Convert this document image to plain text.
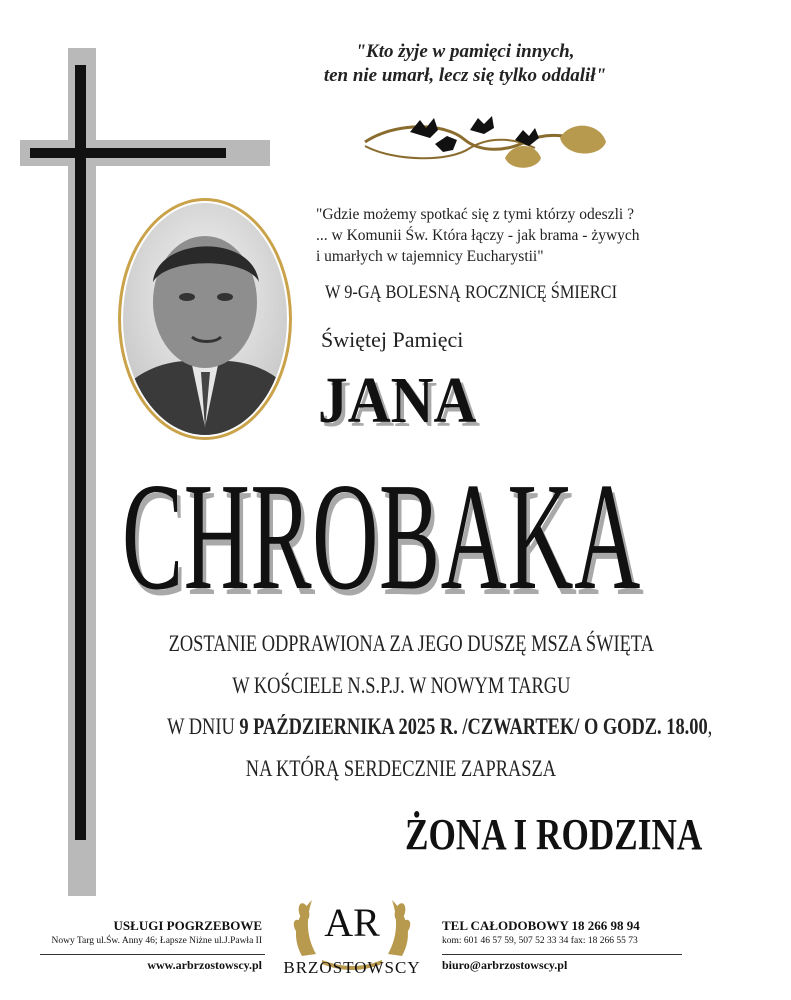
"Kto żyje w pamięci innych,
ten nie umarł, lecz się tylko oddalił"
"Gdzie możemy spotkać się z tymi którzy odeszli ?
... w Komunii Św. Która łączy - jak brama - żywych
i umarłych w tajemnicy Eucharystii"
W 9-GĄ BOLESNĄ ROCZNICĘ ŚMIERCI
Świętej Pamięci
JANA
CHROBAKA
ZOSTANIE ODPRAWIONA ZA JEGO DUSZĘ MSZA ŚWIĘTA
W KOŚCIELE N.S.P.J. W NOWYM TARGU
W DNIU 9 PAŹDZIERNIKA 2025 R. /CZWARTEK/ O GODZ. 18.00,
NA KTÓRĄ SERDECZNIE ZAPRASZA
ŻONA I RODZINA
USŁUGI POGRZEBOWE
Nowy Targ ul.Św. Anny 46; Łapsze Niżne ul.J.Pawła II
www.arbrzostowscy.pl
AR
BRZOSTOWSCY
TEL CAŁODOBOWY 18 266 98 94
kom: 601 46 57 59, 507 52 33 34 fax: 18 266 55 73
biuro@arbrzostowscy.pl
